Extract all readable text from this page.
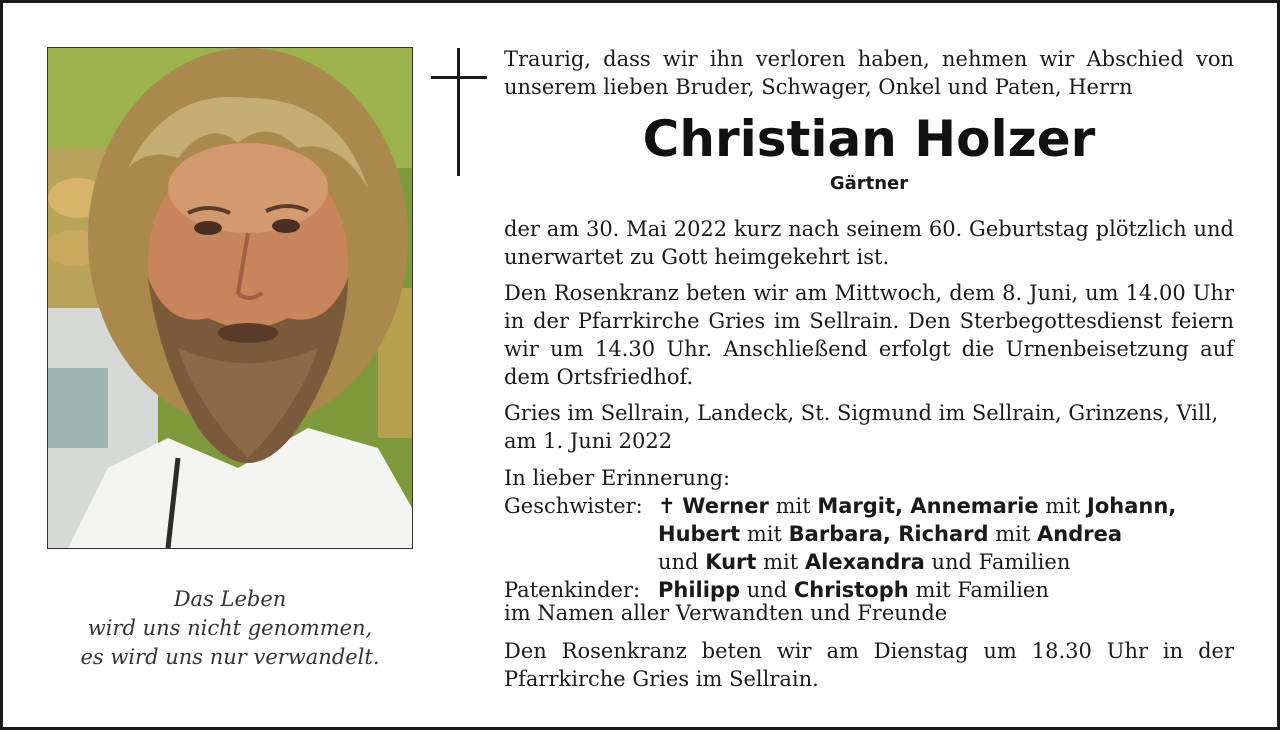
Das Leben
wird uns nicht genommen,
es wird uns nur verwandelt.

Traurig, dass wir ihn verloren haben, nehmen wir Abschied von unserem lieben Bruder, Schwager, Onkel und Paten, Herrn

Christian Holzer
Gärtner

der am 30. Mai 2022 kurz nach seinem 60. Geburtstag plötzlich und unerwartet zu Gott heimgekehrt ist.

Den Rosenkranz beten wir am Mittwoch, dem 8. Juni, um 14.00 Uhr in der Pfarrkirche Gries im Sellrain. Den Sterbegottesdienst feiern wir um 14.30 Uhr. Anschließend erfolgt die Urnenbeisetzung auf dem Ortsfriedhof.

Gries im Sellrain, Landeck, St. Sigmund im Sellrain, Grinzens, Vill, am 1. Juni 2022

In lieber Erinnerung:

Geschwister: ✝ Werner mit Margit, Annemarie mit Johann,
Hubert mit Barbara, Richard mit Andrea
und Kurt mit Alexandra und Familien
Patenkinder: Philipp und Christoph mit Familien

im Namen aller Verwandten und Freunde

Den Rosenkranz beten wir am Dienstag um 18.30 Uhr in der Pfarrkirche Gries im Sellrain.
